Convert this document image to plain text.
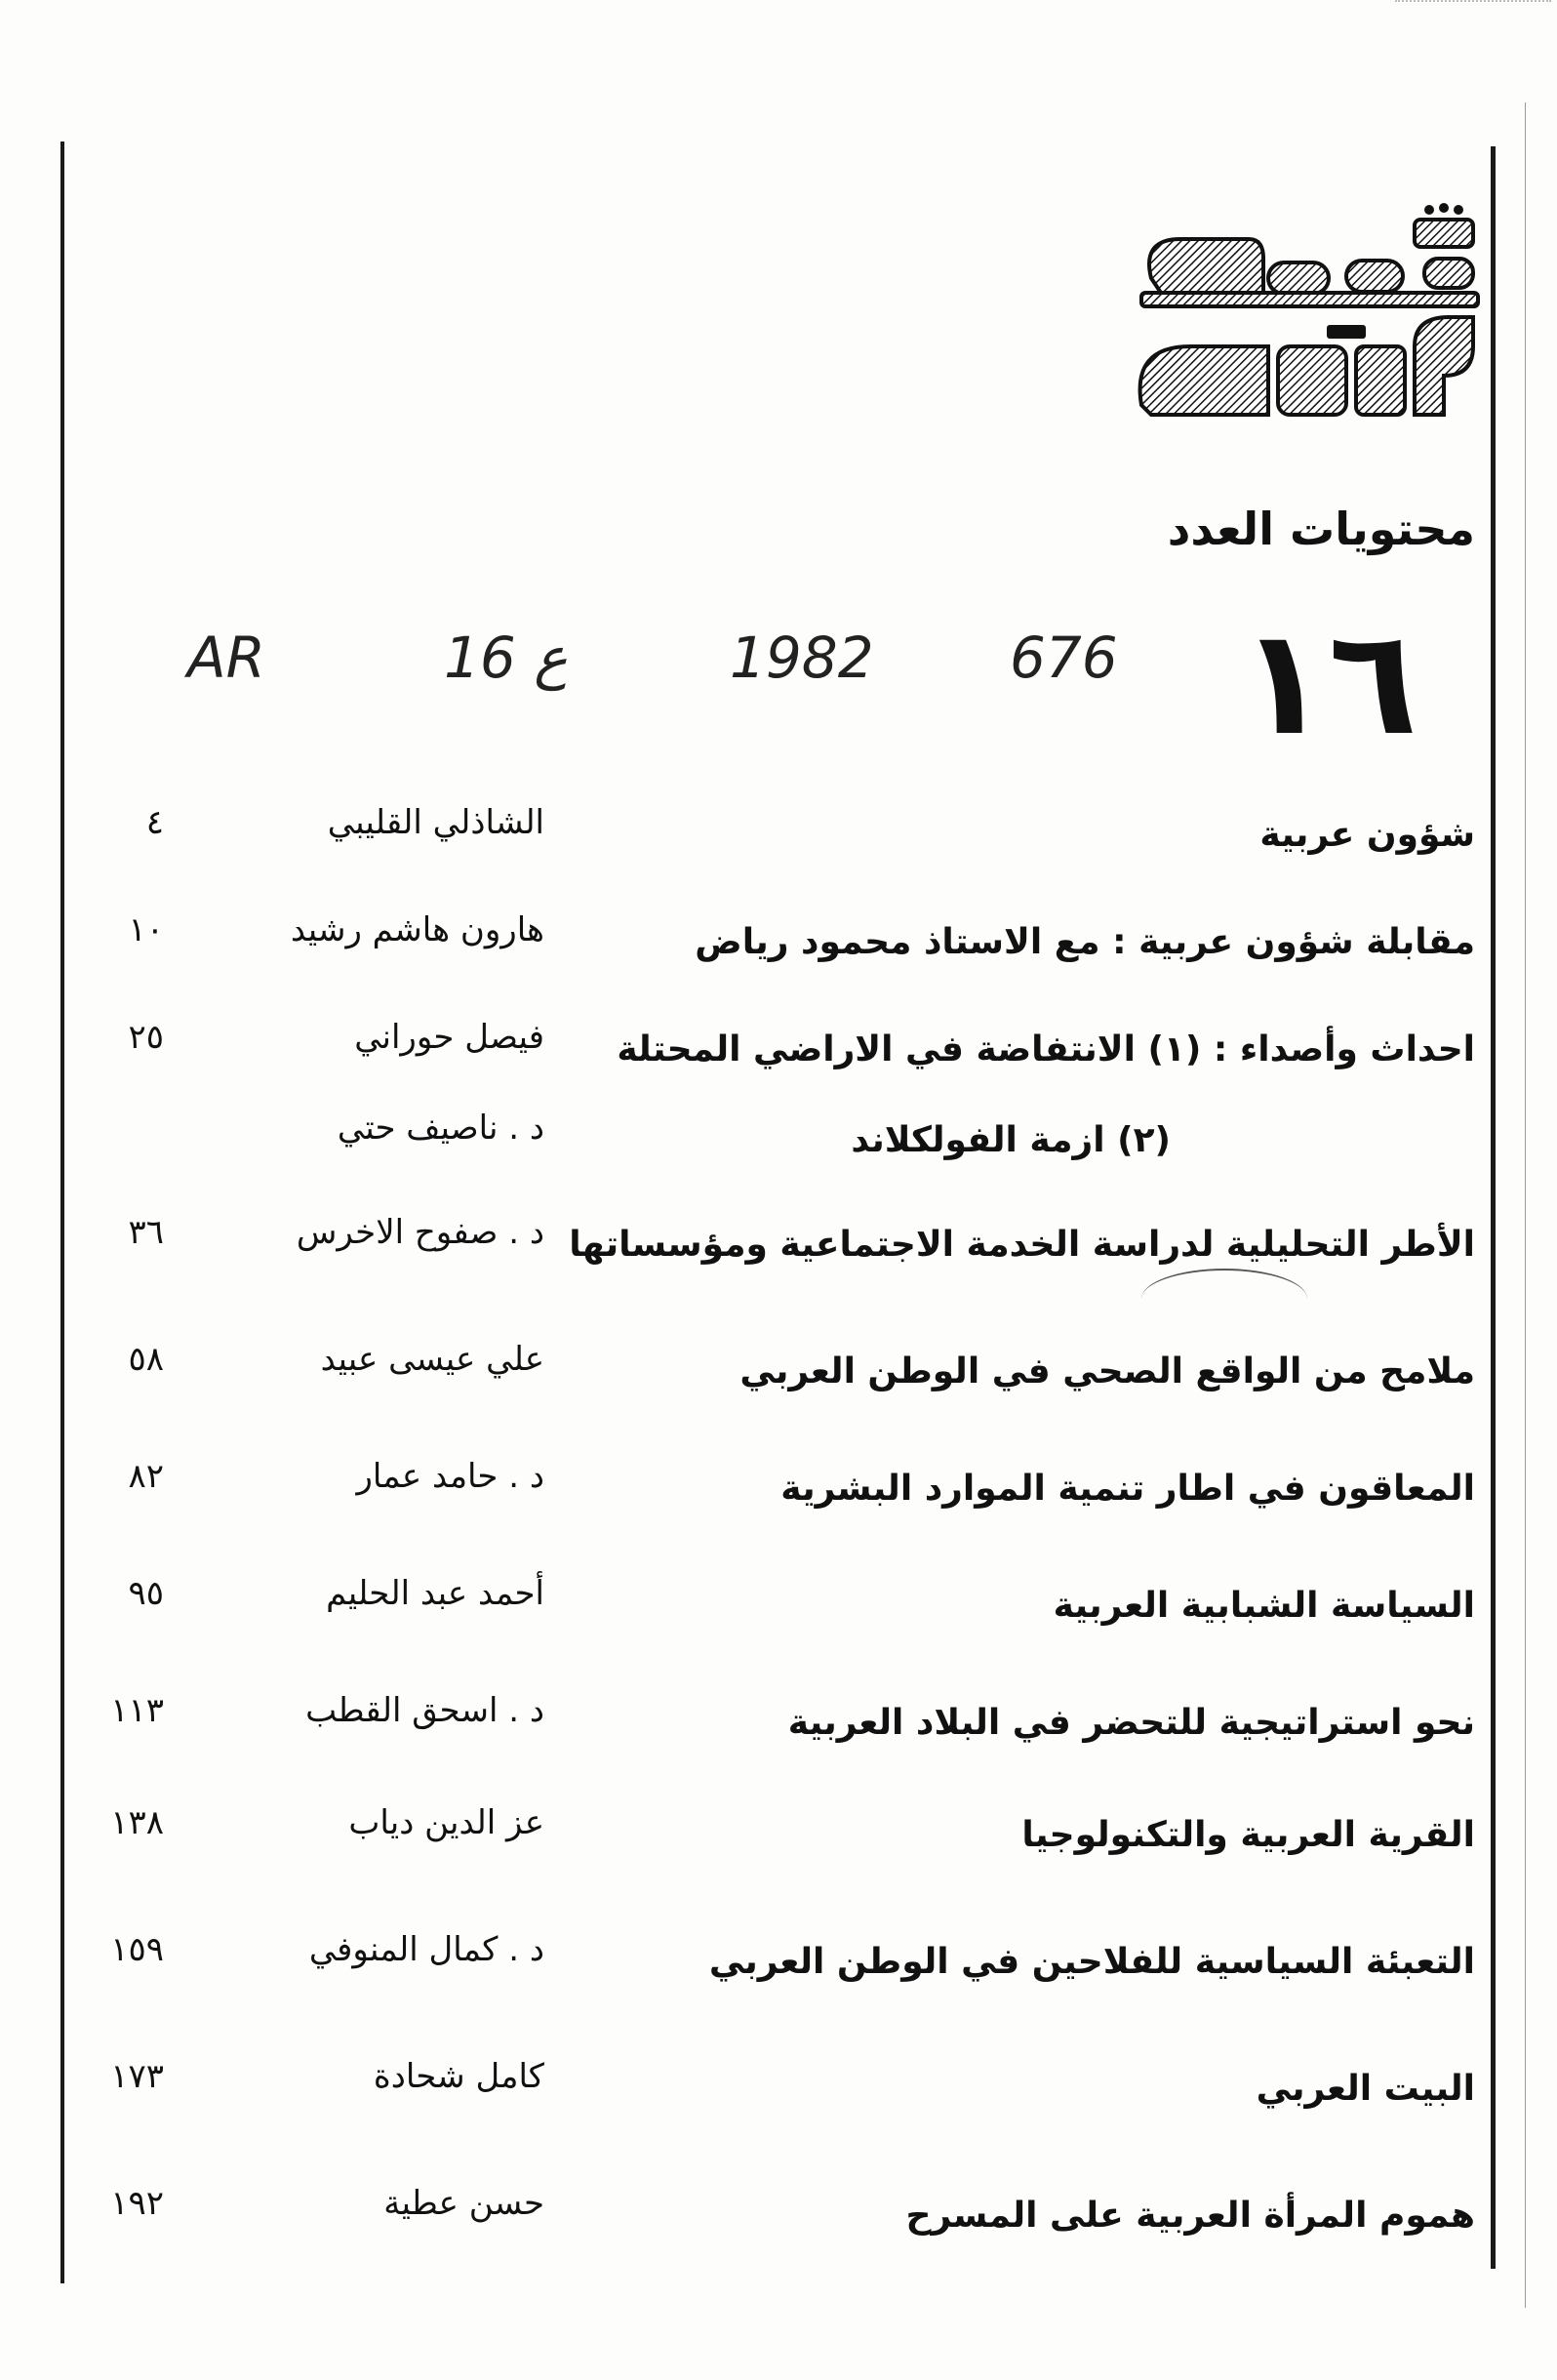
محتويات العدد
١٦
AR	16 ع	1982 676
شؤون عربية
الشاذلي القليبي
٤
مقابلة شؤون عربية : مع الاستاذ محمود رياض
هارون هاشم رشيد
١٠
احداث وأصداء : (١) الانتفاضة في الاراضي المحتلة
فيصل حوراني
٢٥
(٢) ازمة الفولكلاند
د . ناصيف حتي
الأطر التحليلية لدراسة الخدمة الاجتماعية ومؤسساتها
د . صفوح الاخرس
٣٦
ملامح من الواقع الصحي في الوطن العربي
علي عيسى عبيد
٥٨
المعاقون في اطار تنمية الموارد البشرية
د . حامد عمار
٨٢
السياسة الشبابية العربية
أحمد عبد الحليم
٩٥
نحو استراتيجية للتحضر في البلاد العربية
د . اسحق القطب
١١٣
القرية العربية والتكنولوجيا
عز الدين دياب
١٣٨
التعبئة السياسية للفلاحين في الوطن العربي
د . كمال المنوفي
١٥٩
البيت العربي
كامل شحادة
١٧٣
هموم المرأة العربية على المسرح
حسن عطية
١٩٢
